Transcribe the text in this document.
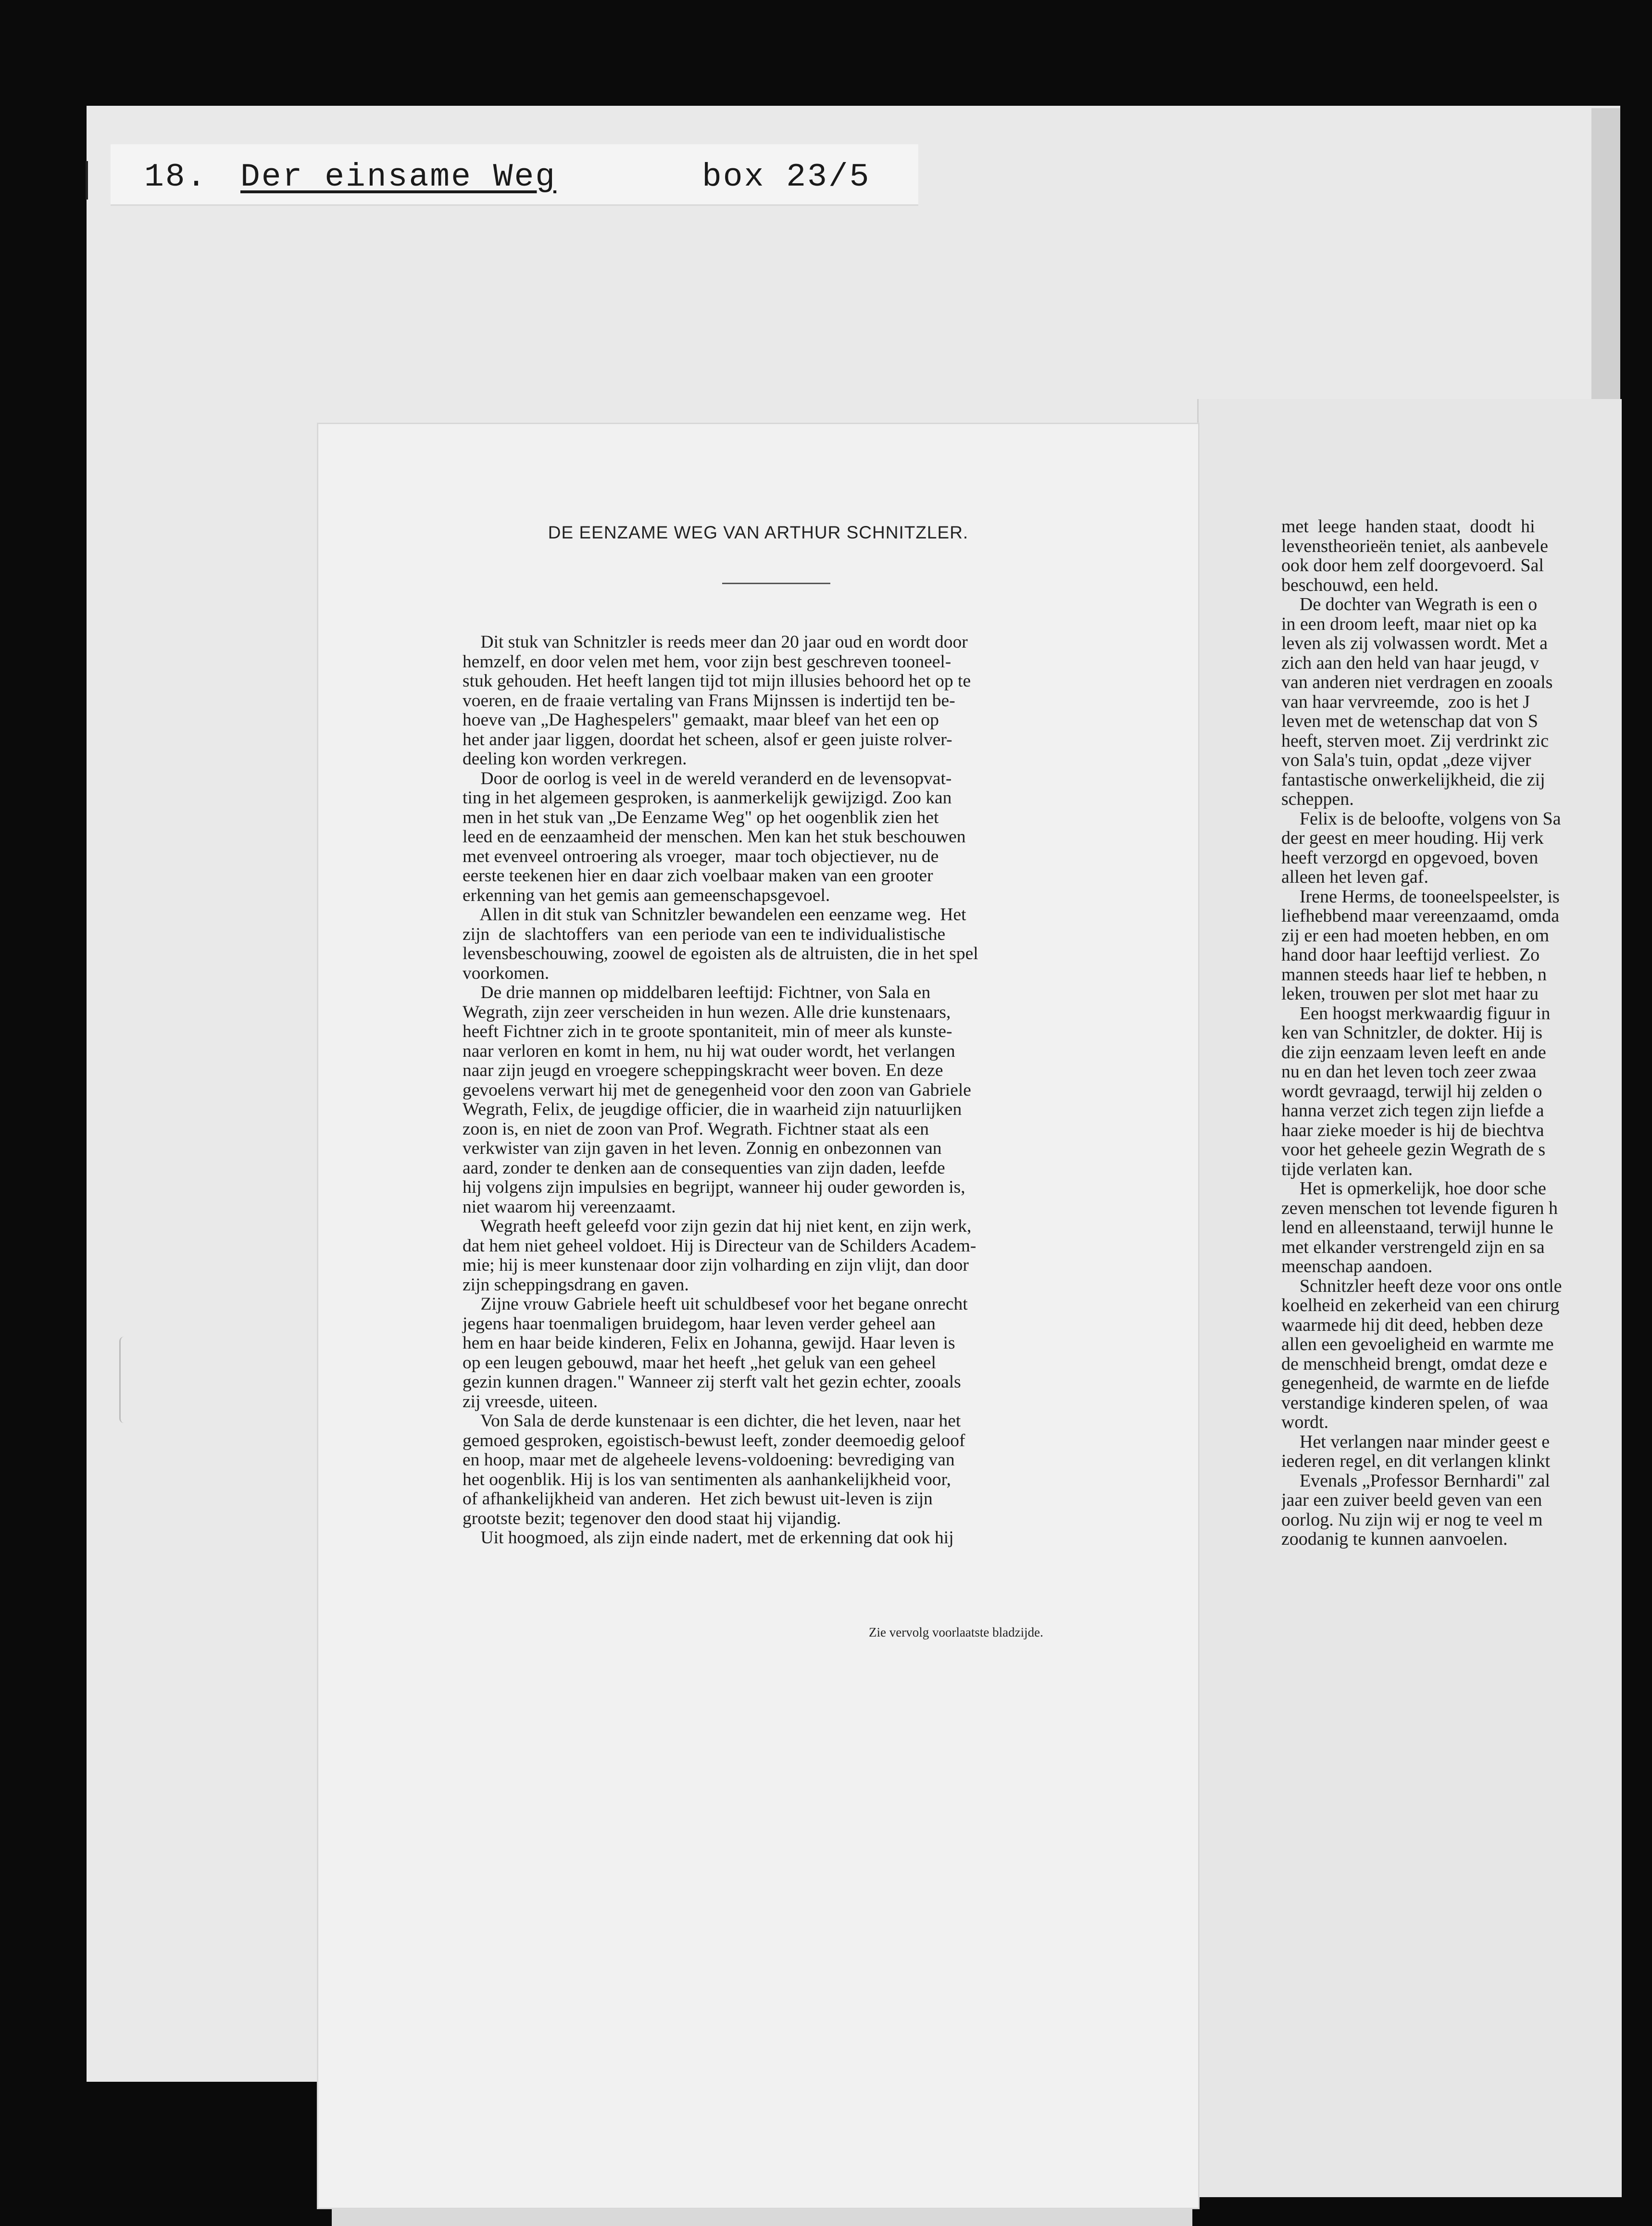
18. Der einsame Weg	box 23/5

met  leege  handen staat,  doodt  hi

levenstheorieën teniet, als aanbevele

ook door hem zelf doorgevoerd. Sal

beschouwd, een held.

De dochter van Wegrath is een o

in een droom leeft, maar niet op ka

leven als zij volwassen wordt. Met a

zich aan den held van haar jeugd, v

van anderen niet verdragen en zooals

van haar vervreemde,  zoo is het J

leven met de wetenschap dat von S

heeft, sterven moet. Zij verdrinkt zic

von Sala's tuin, opdat „deze vijver

fantastische onwerkelijkheid, die zij

scheppen.

Felix is de beloofte, volgens von Sa

der geest en meer houding. Hij verk

heeft verzorgd en opgevoed, boven

alleen het leven gaf.

Irene Herms, de tooneelspeelster, is

liefhebbend maar vereenzaamd, omda

zij er een had moeten hebben, en om

hand door haar leeftijd verliest.  Zo

mannen steeds haar lief te hebben, n

leken, trouwen per slot met haar zu

Een hoogst merkwaardig figuur in

ken van Schnitzler, de dokter. Hij is

die zijn eenzaam leven leeft en ande

nu en dan het leven toch zeer zwaa

wordt gevraagd, terwijl hij zelden o

hanna verzet zich tegen zijn liefde a

haar zieke moeder is hij de biechtva

voor het geheele gezin Wegrath de s

tijde verlaten kan.

Het is opmerkelijk, hoe door sche

zeven menschen tot levende figuren h

lend en alleenstaand, terwijl hunne le

met elkander verstrengeld zijn en sa

meenschap aandoen.

Schnitzler heeft deze voor ons ontle

koelheid en zekerheid van een chirurg

waarmede hij dit deed, hebben deze

allen een gevoeligheid en warmte me

de menschheid brengt, omdat deze e

genegenheid, de warmte en de liefde

verstandige kinderen spelen, of  waa

wordt.

Het verlangen naar minder geest e

iederen regel, en dit verlangen klinkt

Evenals „Professor Bernhardi" zal

jaar een zuiver beeld geven van een

oorlog. Nu zijn wij er nog te veel m

zoodanig te kunnen aanvoelen.

DE EENZAME WEG VAN ARTHUR SCHNITZLER.

Dit stuk van Schnitzler is reeds meer dan 20 jaar oud en wordt door

hemzelf, en door velen met hem, voor zijn best geschreven tooneel-

stuk gehouden. Het heeft langen tijd tot mijn illusies behoord het op te

voeren, en de fraaie vertaling van Frans Mijnssen is indertijd ten be-

hoeve van „De Haghespelers" gemaakt, maar bleef van het een op

het ander jaar liggen, doordat het scheen, alsof er geen juiste rolver-

deeling kon worden verkregen.

Door de oorlog is veel in de wereld veranderd en de levensopvat-

ting in het algemeen gesproken, is aanmerkelijk gewijzigd. Zoo kan

men in het stuk van „De Eenzame Weg" op het oogenblik zien het

leed en de eenzaamheid der menschen. Men kan het stuk beschouwen

met evenveel ontroering als vroeger,  maar toch objectiever, nu de

eerste teekenen hier en daar zich voelbaar maken van een grooter

erkenning van het gemis aan gemeenschapsgevoel.

Allen in dit stuk van Schnitzler bewandelen een eenzame weg.  Het

zijn  de  slachtoffers  van  een periode van een te individualistische

levensbeschouwing, zoowel de egoisten als de altruisten, die in het spel

voorkomen.

De drie mannen op middelbaren leeftijd: Fichtner, von Sala en

Wegrath, zijn zeer verscheiden in hun wezen. Alle drie kunstenaars,

heeft Fichtner zich in te groote spontaniteit, min of meer als kunste-

naar verloren en komt in hem, nu hij wat ouder wordt, het verlangen

naar zijn jeugd en vroegere scheppingskracht weer boven. En deze

gevoelens verwart hij met de genegenheid voor den zoon van Gabriele

Wegrath, Felix, de jeugdige officier, die in waarheid zijn natuurlijken

zoon is, en niet de zoon van Prof. Wegrath. Fichtner staat als een

verkwister van zijn gaven in het leven. Zonnig en onbezonnen van

aard, zonder te denken aan de consequenties van zijn daden, leefde

hij volgens zijn impulsies en begrijpt, wanneer hij ouder geworden is,

niet waarom hij vereenzaamt.

Wegrath heeft geleefd voor zijn gezin dat hij niet kent, en zijn werk,

dat hem niet geheel voldoet. Hij is Directeur van de Schilders Academ-

mie; hij is meer kunstenaar door zijn volharding en zijn vlijt, dan door

zijn scheppingsdrang en gaven.

Zijne vrouw Gabriele heeft uit schuldbesef voor het begane onrecht

jegens haar toenmaligen bruidegom, haar leven verder geheel aan

hem en haar beide kinderen, Felix en Johanna, gewijd. Haar leven is

op een leugen gebouwd, maar het heeft „het geluk van een geheel

gezin kunnen dragen." Wanneer zij sterft valt het gezin echter, zooals

zij vreesde, uiteen.

Von Sala de derde kunstenaar is een dichter, die het leven, naar het

gemoed gesproken, egoistisch-bewust leeft, zonder deemoedig geloof

en hoop, maar met de algeheele levens-voldoening: bevrediging van

het oogenblik. Hij is los van sentimenten als aanhankelijkheid voor,

of afhankelijkheid van anderen.  Het zich bewust uit-leven is zijn

grootste bezit; tegenover den dood staat hij vijandig.

Uit hoogmoed, als zijn einde nadert, met de erkenning dat ook hij

Zie vervolg voorlaatste bladzijde.
